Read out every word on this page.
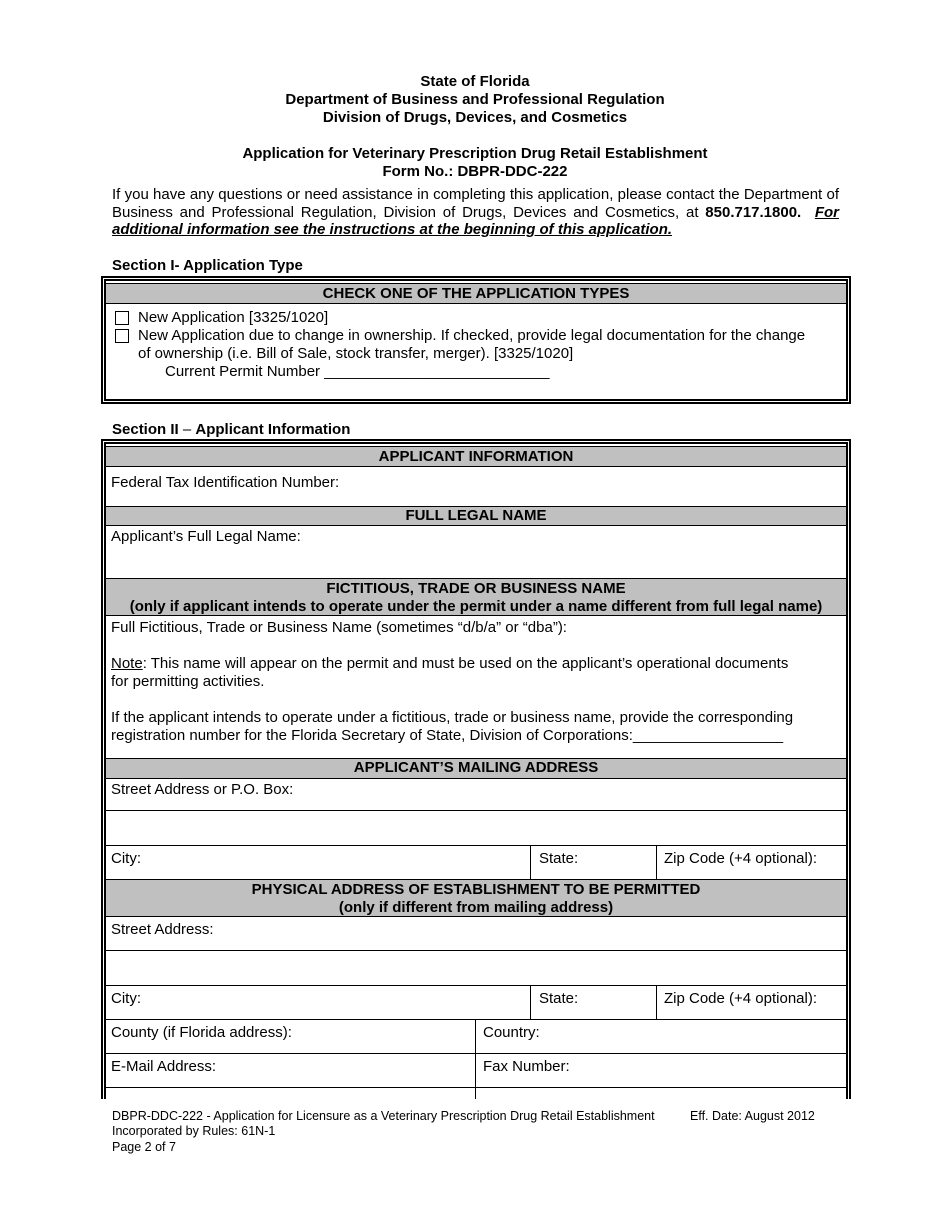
State of Florida
Department of Business and Professional Regulation
Division of Drugs, Devices, and Cosmetics
Application for Veterinary Prescription Drug Retail Establishment
Form No.: DBPR-DDC-222
If you have any questions or need assistance in completing this application, please contact the Department of Business and Professional Regulation, Division of Drugs, Devices and Cosmetics, at 850.717.1800. For additional information see the instructions at the beginning of this application.
Section I- Application Type
CHECK ONE OF THE APPLICATION TYPES
New Application [3325/1020]
New Application due to change in ownership. If checked, provide legal documentation for the change
of ownership (i.e. Bill of Sale, stock transfer, merger). [3325/1020]
Current Permit Number ___________________________
Section II – Applicant Information
APPLICANT INFORMATION
Federal Tax Identification Number:
FULL LEGAL NAME
Applicant’s Full Legal Name:
FICTITIOUS, TRADE OR BUSINESS NAME
(only if applicant intends to operate under the permit under a name different from full legal name)
Full Fictitious, Trade or Business Name (sometimes “d/b/a” or “dba”):
Note: This name will appear on the permit and must be used on the applicant’s operational documents
for permitting activities.
If the applicant intends to operate under a fictitious, trade or business name, provide the corresponding
registration number for the Florida Secretary of State, Division of Corporations:__________________
APPLICANT’S MAILING ADDRESS
Street Address or P.O. Box:
City:	State:	Zip Code (+4 optional):
PHYSICAL ADDRESS OF ESTABLISHMENT TO BE PERMITTED
(only if different from mailing address)
Street Address:
City:	State:	Zip Code (+4 optional):
County (if Florida address):	Country:
E-Mail Address:	Fax Number:
DBPR-DDC-222 - Application for Licensure as a Veterinary Prescription Drug Retail Establishment	Eff. Date: August 2012
Incorporated by Rules: 61N-1
Page 2 of 7
